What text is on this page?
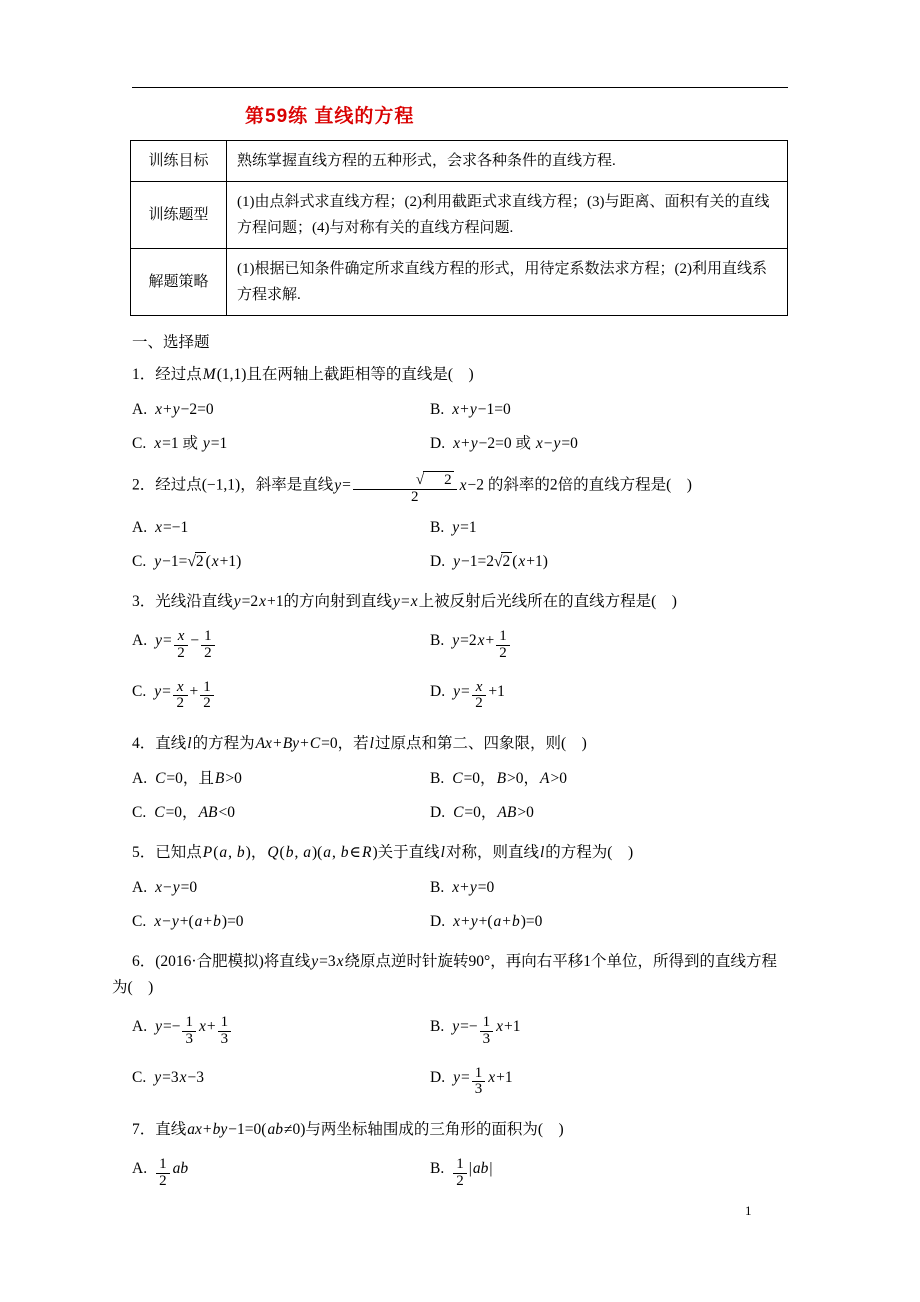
第59练 直线的方程
训练目标	熟练掌握直线方程的五种形式，会求各种条件的直线方程.
训练题型	(1)由点斜式求直线方程；(2)利用截距式求直线方程；(3)与距离、面积有关的直线方程问题；(4)与对称有关的直线方程问题.
解题策略	(1)根据已知条件确定所求直线方程的形式，用待定系数法求方程；(2)利用直线系方程求解.
一、选择题

1．经过点M(1,1)且在两轴上截距相等的直线是(    )

A. x+y−2=0	B. x+y−1=0
C. x=1 或 y=1	D. x+y−2=0 或 x−y=0

2．经过点(−1,1)，斜率是直线$y= \frac{√ 2}{2} x-2$ 的斜率的2倍的直线方程是(    )

A. x=−1	B. y=1
C. y−1=√2 (x+1)	D. y−1=2√2 (x+1)

3．光线沿直线y=2x+1的方向射到直线y=x上被反射后光线所在的直线方程是(    )

A. $y= \frac{x}{2} - \frac{1}{2}$	B. $y=2x+ \frac{1}{2}$
C. $y= \frac{x}{2} + \frac{1}{2}$	D. $y= \frac{x}{2} +1$

4．直线l的方程为Ax+By+C=0，若l过原点和第二、四象限，则(    )

A. C=0，且B>0	B. C=0，B>0，A>0
C. C=0，AB<0	D. C=0，AB>0

5．已知点P(a, b)，Q(b, a)(a, b∈R)关于直线l对称，则直线l的方程为(    )

A. x−y=0	B. x+y=0
C. x−y+(a+b)=0	D. x+y+(a+b)=0

6．(2016·合肥模拟)将直线y=3x绕原点逆时针旋转90°，再向右平移1个单位，所得到的直线方程为(    )

A. $y=- \frac{1}{3} x+ \frac{1}{3}$	B. $y=- \frac{1}{3} x+1$
C. y=3x−3	D. $y= \frac{1}{3} x+1$

7．直线ax+by−1=0(ab≠0)与两坐标轴围成的三角形的面积为(    )

A. $\frac{1}{2}$ ab	B. $\frac{1}{2} |ab|$
1
